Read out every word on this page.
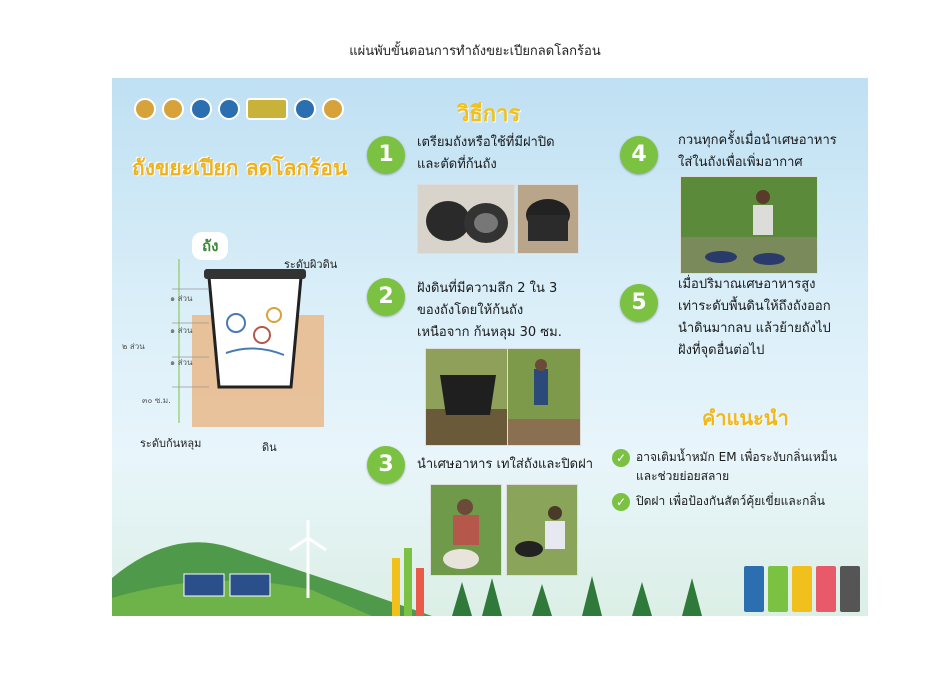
แผ่นพับขั้นตอนการทำถังขยะเปียกลดโลกร้อน
ถังขยะเปียก ลดโลกร้อน
วิธีการ
ถัง
ระดับผิวดิน
ระดับก้นหลุม	ดิน
๑ ส่วน
๑ ส่วน
๑ ส่วน
๒ ส่วน
๓๐ ซ.ม.
1	เตรียมถังหรือใช้ที่มีฝาปิด
และตัดที่ก้นถัง
2	ฝังดินที่มีความลึก 2 ใน 3
ของถังโดยให้ก้นถัง
เหนือจาก ก้นหลุม 30 ซม.
3	นำเศษอาหาร เทใส่ถังและปิดฝา
4
กวนทุกครั้งเมื่อนำเศษอาหาร
ใส่ในถังเพื่อเพิ่มอากาศ
5
เมื่อปริมาณเศษอาหารสูง
เท่าระดับพื้นดินให้ถึงถังออก
นำดินมากลบ แล้วย้ายถังไป
ฝังที่จุดอื่นต่อไป
คำแนะนำ
✓ อาจเติมน้ำหมัก EM เพื่อระงับกลิ่นเหม็น
และช่วยย่อยสลาย
✓ ปิดฝา เพื่อป้องกันสัตว์คุ้ยเขี่ยและกลิ่น
